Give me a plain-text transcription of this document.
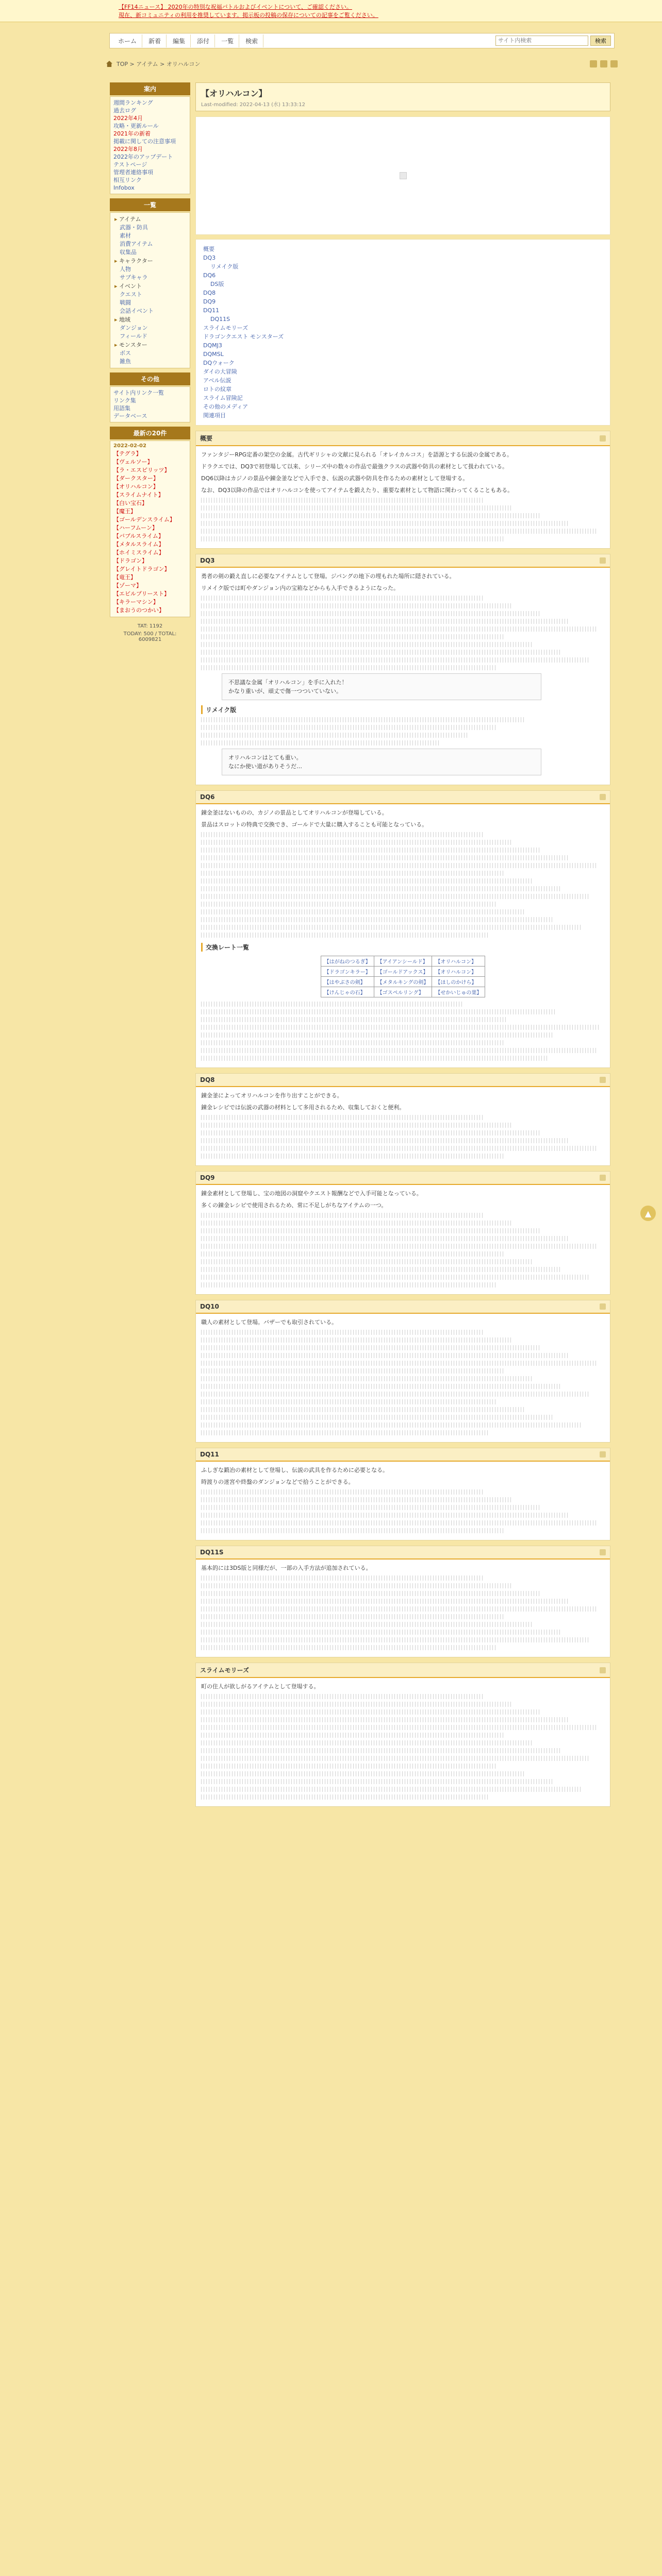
【FF14ニュース】 2020年の特別な祝福バトルおよびイベントについて、ご確認ください。
現在、新コミュニティの利用を推奨しています。掲示板の投稿の保存についての記事をご覧ください。
ホーム	新着	編集	添付	一覧	検索
サイト内検索	検索
TOP > アイテム > オリハルコン
案内
週間ランキング
過去ログ
2022年4月
攻略・更新ルール
2021年の新着
掲載に関しての注意事項
2022年8月
2022年のアップデート
テストページ
管理者連絡事項
相互リンク
Infobox
一覧
▸ アイテム
武器・防具
素材
消費アイテム
収集品
▸ キャラクター
人物
サブキャラ
▸ イベント
クエスト
戦闘
会話イベント
▸ 地域
ダンジョン
フィールド
▸ モンスター
ボス
雑魚
その他
サイト内リンク一覧
リンク集
用語集
データベース
最新の20件
2022-02-02
【テグラ】
【ヴェルソー】
【ラ・エスピリッツ】
【ダークスター】
【オリハルコン】
【スライムナイト】
【白い宝石】
【魔王】
【ゴールデンスライム】
【ハーフムーン】
【バブルスライム】
【メタルスライム】
【ホイミスライム】
【ドラゴン】
【グレイトドラゴン】
【竜王】
【ゾーマ】
【エビルプリースト】
【キラーマシン】
【まおうのつかい】
TAT: 1192
TODAY: 500 / TOTAL: 6009821
【オリハルコン】
Last-modified: 2022-04-13 (水) 13:33:12
概要
DQ3
リメイク版
DQ6
DS版
DQ8
DQ9
DQ11
DQ11S
スライムモリーズ
ドラゴンクエスト モンスターズ
DQMJ3
DQMSL
DQウォーク
ダイの大冒険
アベル伝説
ロトの紋章
スライム冒険記
その他のメディア
関連項目
概要

ファンタジーRPG定番の架空の金属。古代ギリシャの文献に見られる「オレイカルコス」を語源とする伝説の金属である。

ドラクエでは、DQ3で初登場して以来、シリーズ中の数々の作品で最強クラスの武器や防具の素材として扱われている。

DQ6以降はカジノの景品や錬金釜などで入手でき、伝説の武器や防具を作るための素材として登場する。

なお、DQ3以降の作品ではオリハルコンを使ってアイテムを鍛えたり、重要な素材として物語に関わってくることもある。

DQ3

勇者の剣の鍛え直しに必要なアイテムとして登場。ジパングの地下の埋もれた場所に隠されている。

リメイク版では町やダンジョン内の宝箱などからも入手できるようになった。

不思議な金属「オリハルコン」を手に入れた！
かなり重いが、頑丈で傷一つついていない。
リメイク版
オリハルコンはとても重い。
なにか使い道がありそうだ…
DQ6

錬金釜はないものの、カジノの景品としてオリハルコンが登場している。

景品はスロットの特典で交換でき、ゴールドで大量に購入することも可能となっている。

交換レート一覧
【はがねのつるぎ】	【アイアンシールド】	【オリハルコン】
【ドラゴンキラー】	【ゴールドアックス】	【オリハルコン】
【はやぶさの剣】	【メタルキングの剣】	【ほしのかけら】
【けんじゃの石】	【ゴスペルリング】	【せかいじゅの葉】
DQ8

錬金釜によってオリハルコンを作り出すことができる。

錬金レシピでは伝説の武器の材料として多用されるため、収集しておくと便利。

DQ9

錬金素材として登場し、宝の地図の洞窟やクエスト報酬などで入手可能となっている。

多くの錬金レシピで使用されるため、常に不足しがちなアイテムの一つ。

DQ10

職人の素材として登場。バザーでも取引されている。

DQ11

ふしぎな鍛冶の素材として登場し、伝説の武具を作るために必要となる。

時渡りの迷宮や終盤のダンジョンなどで拾うことができる。

DQ11S

基本的には3DS版と同様だが、一部の入手方法が追加されている。

スライムモリーズ

町の住人が欲しがるアイテムとして登場する。

▲
